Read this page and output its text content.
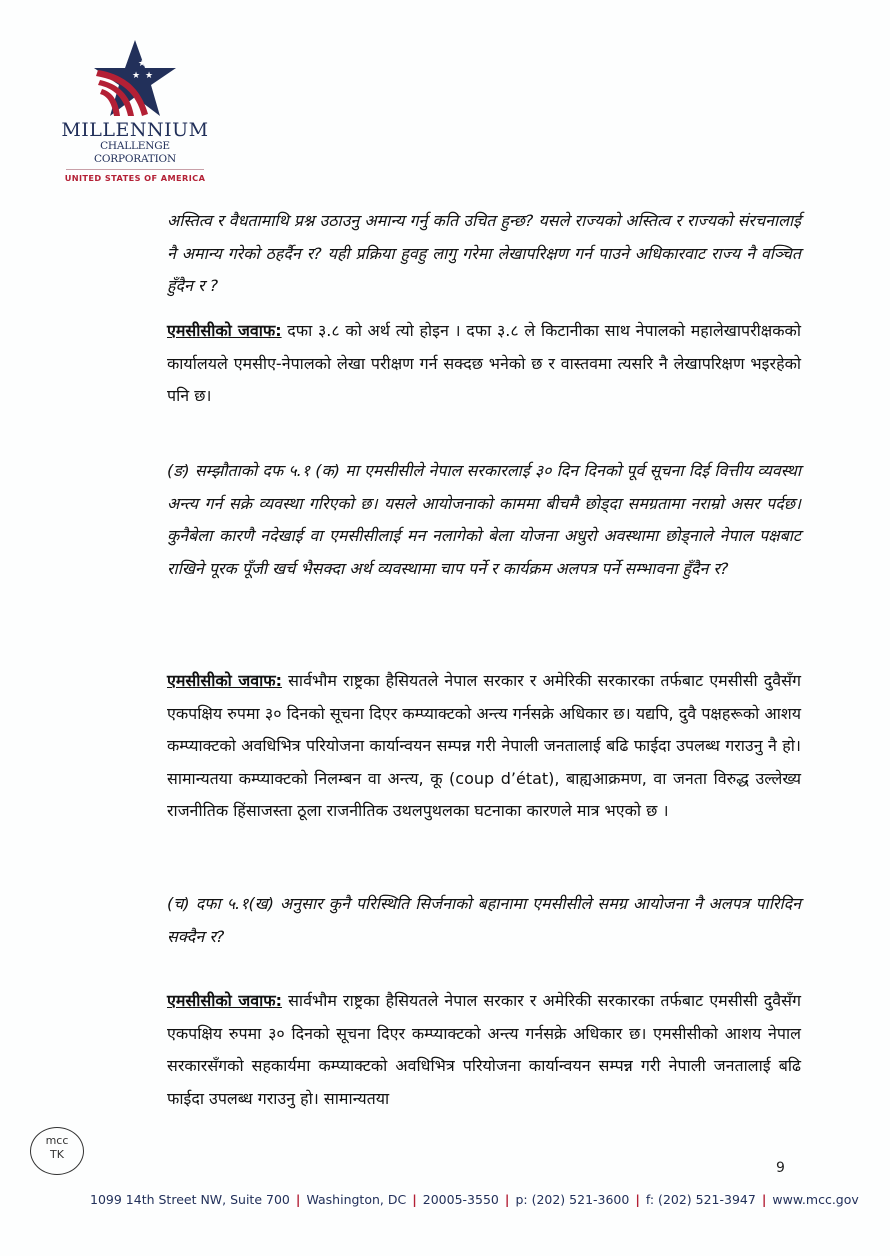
★
★ ★
MILLENNIUM
CHALLENGE CORPORATION
UNITED STATES OF AMERICA

अस्तित्व र वैधतामाथि प्रश्न उठाउनु अमान्य गर्नु कति उचित हुन्छ? यसले राज्यको अस्तित्व र राज्यको संरचनालाई नै अमान्य गरेको ठहर्दैन र? यही प्रक्रिया हुवहु लागु गरेमा लेखापरिक्षण गर्न पाउने अधिकारवाट राज्य नै वञ्चित हुँदैन र ?

एमसीसीको जवाफ: दफा ३.८ को अर्थ त्यो होइन । दफा ३.८ ले किटानीका साथ नेपालको महालेखापरीक्षकको कार्यालयले एमसीए-नेपालको लेखा परीक्षण गर्न सक्दछ भनेको छ र वास्तवमा त्यसरि नै लेखापरिक्षण भइरहेको पनि छ।

(ङ) सम्झौताको दफ ५.१ (क) मा एमसीसीले नेपाल सरकारलाई ३० दिन दिनको पूर्व सूचना दिई वित्तीय व्यवस्था अन्त्य गर्न सक्रे व्यवस्था गरिएको छ। यसले आयोजनाको काममा बीचमै छोड्दा समग्रतामा नराम्रो असर पर्दछ। कुनैबेला कारणै नदेखाई वा एमसीसीलाई मन नलागेको बेला योजना अधुरो अवस्थामा छोड्नाले नेपाल पक्षबाट राखिने पूरक पूँजी खर्च भैसक्दा अर्थ व्यवस्थामा चाप पर्ने र कार्यक्रम अलपत्र पर्ने सम्भावना हुँदैन र?

एमसीसीको जवाफ: सार्वभौम राष्ट्रका हैसियतले नेपाल सरकार र अमेरिकी सरकारका तर्फबाट एमसीसी दुवैसँग एकपक्षिय रुपमा ३० दिनको सूचना दिएर कम्प्याक्टको अन्त्य गर्नसक्रे अधिकार छ। यद्यपि, दुवै पक्षहरूको आशय कम्प्याक्टको अवधिभित्र परियोजना कार्यान्वयन सम्पन्न गरी नेपाली जनतालाई बढि फाईदा उपलब्ध गराउनु नै हो। सामान्यतया कम्प्याक्टको निलम्बन वा अन्त्य, कू (coup d’état), बाह्यआक्रमण, वा जनता विरुद्ध उल्लेख्य राजनीतिक हिंसाजस्ता ठूला राजनीतिक उथलपुथलका घटनाका कारणले मात्र भएको छ ।

(च) दफा ५.१(ख) अनुसार कुनै परिस्थिति सिर्जनाको बहानामा एमसीसीले समग्र आयोजना नै अलपत्र पारिदिन सक्दैन र?

एमसीसीको जवाफ: सार्वभौम राष्ट्रका हैसियतले नेपाल सरकार र अमेरिकी सरकारका तर्फबाट एमसीसी दुवैसँग एकपक्षिय रुपमा ३० दिनको सूचना दिएर कम्प्याक्टको अन्त्य गर्नसक्रे अधिकार छ। एमसीसीको आशय नेपाल सरकारसँगको सहकार्यमा कम्प्याक्टको अवधिभित्र परियोजना कार्यान्वयन सम्पन्न गरी नेपाली जनतालाई बढि फाईदा उपलब्ध गराउनु हो। सामान्यतया

mcc
TK
9
1099 14th Street NW, Suite 700 | Washington, DC | 20005-3550 | p: (202) 521-3600 | f: (202) 521-3947 | www.mcc.gov
